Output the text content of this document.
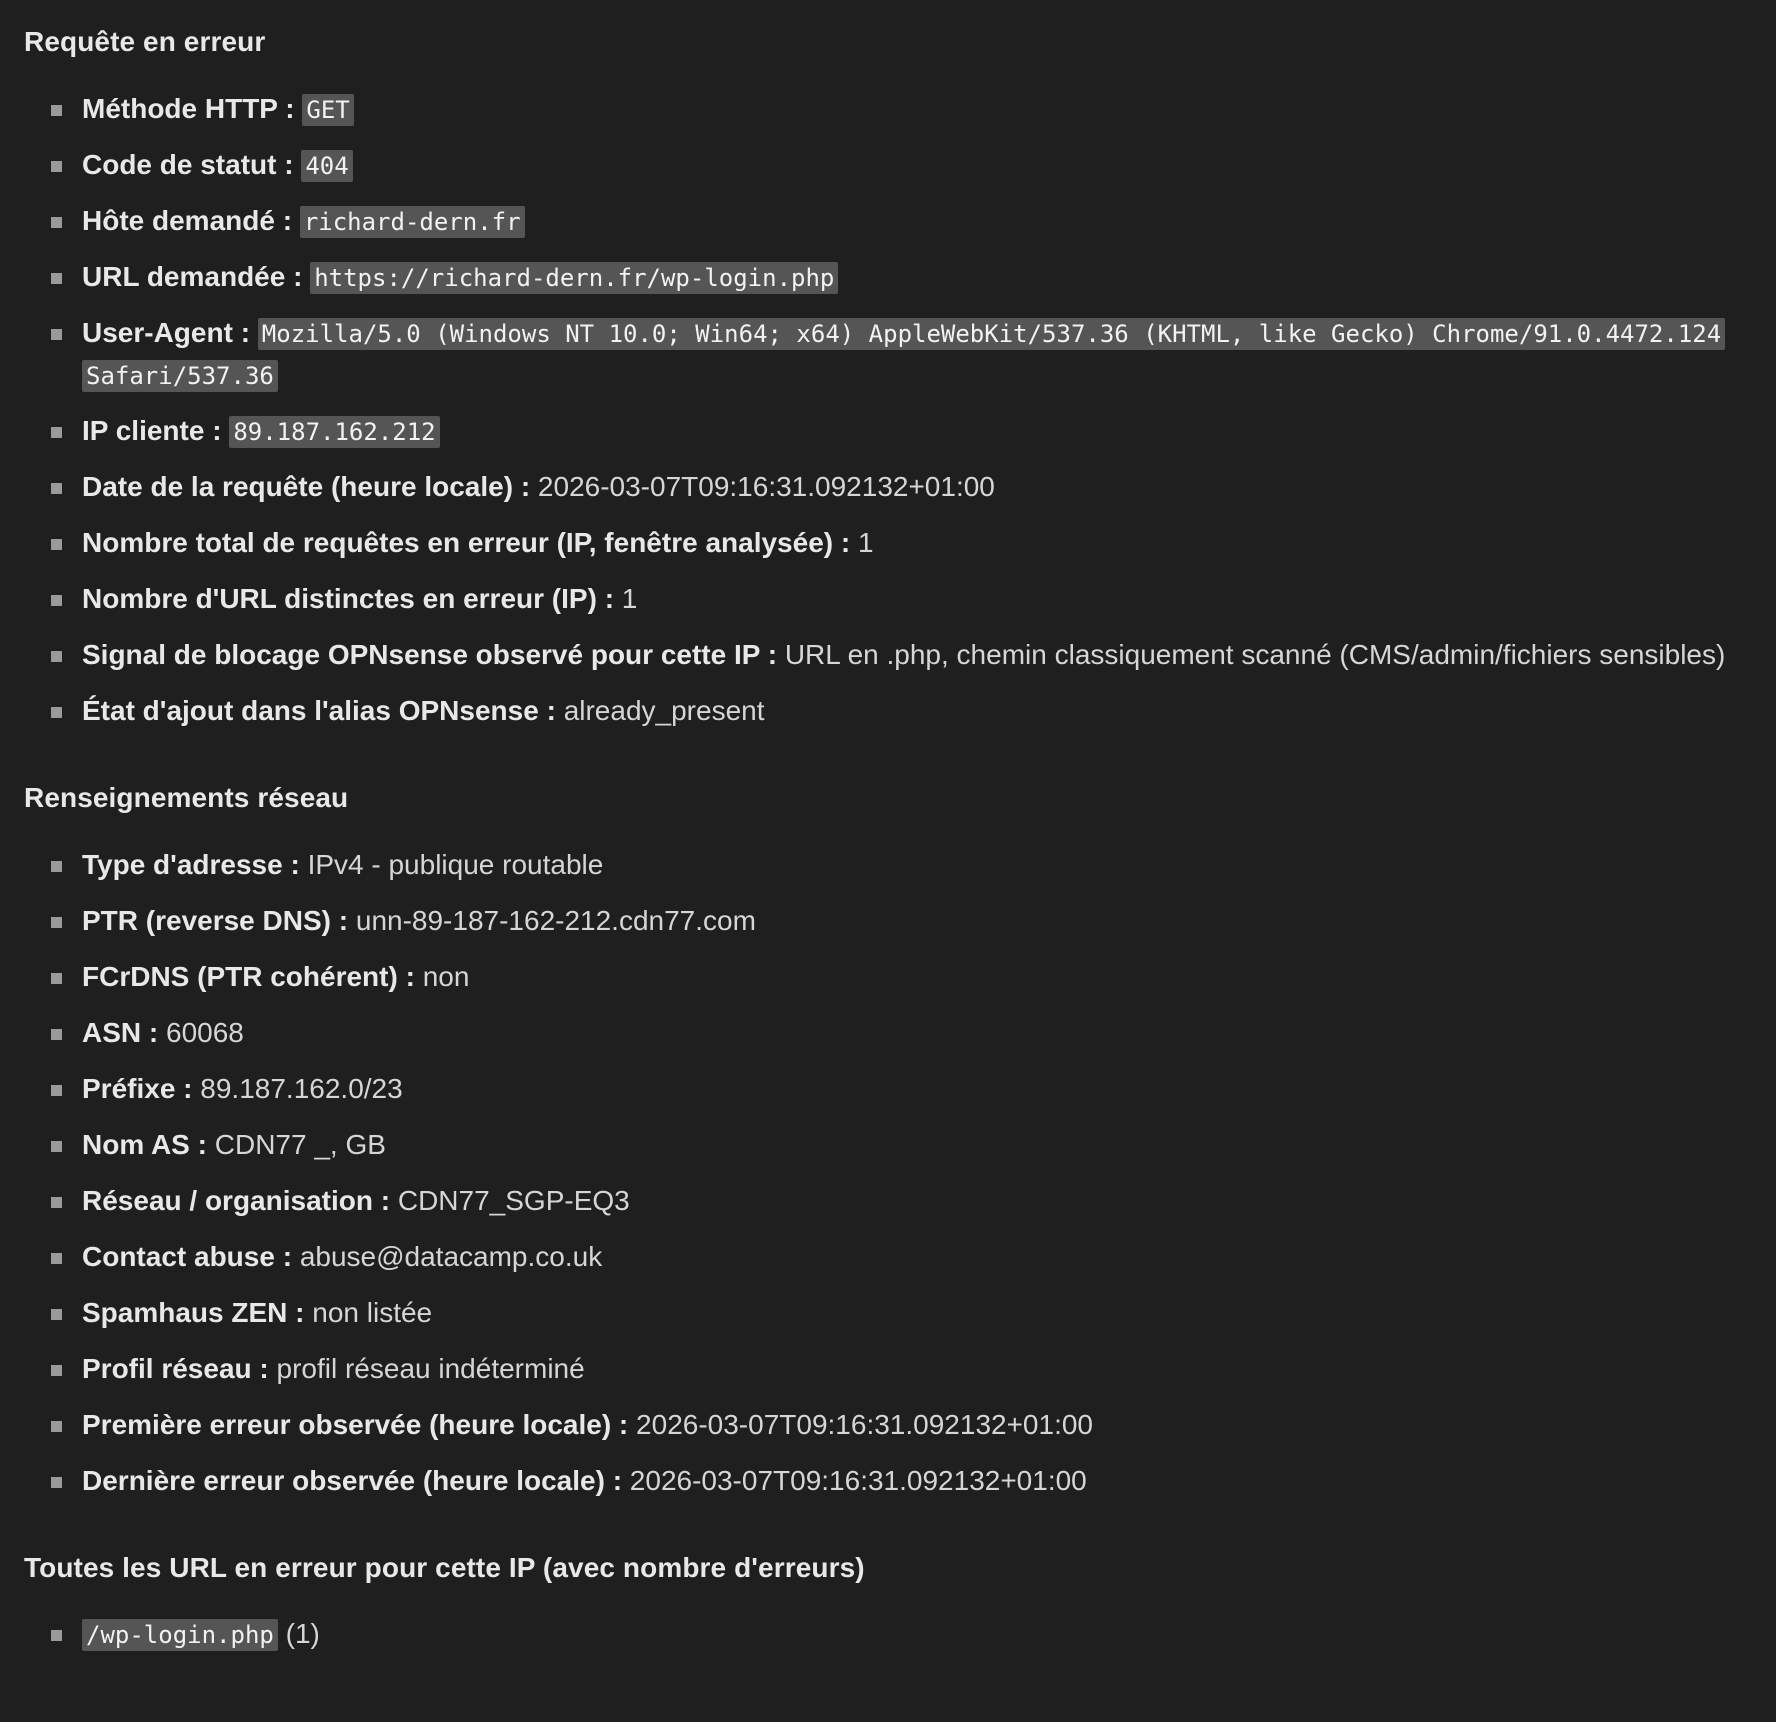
Requête en erreur
Méthode HTTP : GET
Code de statut : 404
Hôte demandé : richard-dern.fr
URL demandée : https://richard-dern.fr/wp-login.php
User-Agent : Mozilla/5.0 (Windows NT 10.0; Win64; x64) AppleWebKit/537.36 (KHTML, like Gecko) Chrome/91.0.4472.124 Safari/537.36
IP cliente : 89.187.162.212
Date de la requête (heure locale) : 2026-03-07T09:16:31.092132+01:00
Nombre total de requêtes en erreur (IP, fenêtre analysée) : 1
Nombre d'URL distinctes en erreur (IP) : 1
Signal de blocage OPNsense observé pour cette IP : URL en .php, chemin classiquement scanné (CMS/admin/fichiers sensibles)
État d'ajout dans l'alias OPNsense : already_present
Renseignements réseau
Type d'adresse : IPv4 - publique routable
PTR (reverse DNS) : unn-89-187-162-212.cdn77.com
FCrDNS (PTR cohérent) : non
ASN : 60068
Préfixe : 89.187.162.0/23
Nom AS : CDN77 _, GB
Réseau / organisation : CDN77_SGP-EQ3
Contact abuse : abuse@datacamp.co.uk
Spamhaus ZEN : non listée
Profil réseau : profil réseau indéterminé
Première erreur observée (heure locale) : 2026-03-07T09:16:31.092132+01:00
Dernière erreur observée (heure locale) : 2026-03-07T09:16:31.092132+01:00
Toutes les URL en erreur pour cette IP (avec nombre d'erreurs)
/wp-login.php (1)
